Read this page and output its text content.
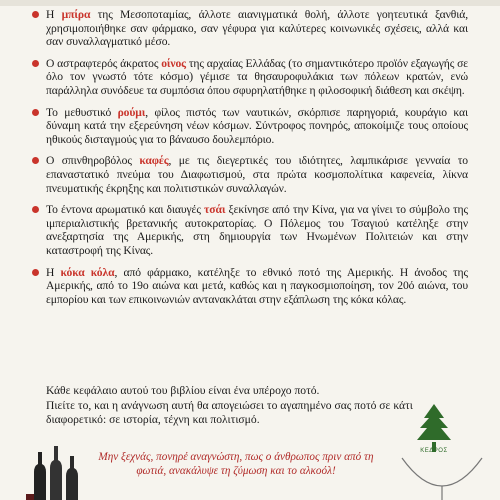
Η μπίρα της Μεσοποταμίας, άλλοτε αιανιγματικά θολή, άλλοτε γοητευτικά ξανθιά, χρησιμοποιήθηκε σαν φάρμακο, σαν γέφυρα για καλύτερες κοινωνικές σχέσεις, αλλά και σαν συναλλαγματικό μέσο.
Ο αστραφτερός άκρατος οίνος της αρχαίας Ελλάδας (το σημαντικότερο προϊόν εξαγωγής σε όλο τον γνωστό τότε κόσμο) γέμισε τα θησαυροφυλάκια των πόλεων κρατών, ενώ παράλληλα συνόδευε τα συμπόσια όπου σφυρηλατήθηκε η φιλοσοφική διάθεση και σκέψη.
Το μεθυστικό ρούμι, φίλος πιστός των ναυτικών, σκόρπισε παρηγοριά, κουράγιο και δύναμη κατά την εξερεύνηση νέων κόσμων. Σύντροφος πονηρός, αποκοίμιζε τους οποίους ηθικούς δισταγμούς για το βάναυσο δουλεμπόριο.
Ο σπινθηροβόλος καφές, με τις διεγερτικές του ιδιότητες, λαμπικάρισε γενναία το επαναστατικό πνεύμα του Διαφωτισμού, στα πρώτα κοσμοπολίτικα καφενεία, λίκνα πνευματικής έκρηξης και πολιτιστικών συναλλαγών.
Το έντονα αρωματικό και διαυγές τσάι ξεκίνησε από την Κίνα, για να γίνει το σύμβολο της ιμπεριαλιστικής βρετανικής αυτοκρατορίας. Ο Πόλεμος του Τσαγιού κατέληξε στην ανεξαρτησία της Αμερικής, στη δημιουργία των Ηνωμένων Πολιτειών και στην καταστροφή της Κίνας.
Η κόκα κόλα, από φάρμακο, κατέληξε το εθνικό ποτό της Αμερικής. Η άνοδος της Αμερικής, από το 19ο αιώνα και μετά, καθώς και η παγκοσμιοποίηση, τον 20ό αιώνα, του εμπορίου και των επικοινωνιών αντανακλάται στην εξάπλωση της κόκα κόλας.
Κάθε κεφάλαιο αυτού του βιβλίου είναι ένα υπέροχο ποτό.
Πιείτε το, και η ανάγνωση αυτή θα απογειώσει το αγαπημένο σας ποτό σε κάτι διαφορετικό: σε ιστορία, τέχνη και πολιτισμό.
ΚΕΔΡΟΣ
Μην ξεχνάς, πονηρέ αναγνώστη, πως ο άνθρωπος πριν από τη φωτιά, ανακάλυψε τη ζύμωση και το αλκοόλ!
